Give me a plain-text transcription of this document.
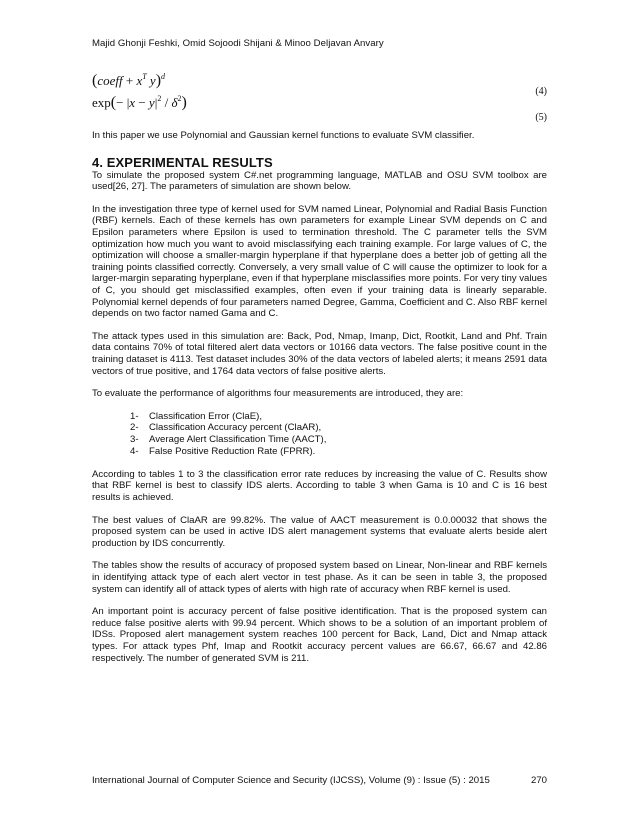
Majid Ghonji Feshki, Omid Sojoodi Shijani & Minoo Deljavan Anvary
(coeff + $x^T$ y)$^d$
(4)
$\exp(- |x - y|^2 / \delta^2)$
(5)

In this paper we use Polynomial and Gaussian kernel functions to evaluate SVM classifier.

4. EXPERIMENTAL RESULTS

To simulate the proposed system C#.net programming language, MATLAB and OSU SVM toolbox are used[26, 27]. The parameters of simulation are shown below.

In the investigation three type of kernel used for SVM named Linear, Polynomial and Radial Basis Function (RBF) kernels. Each of these kernels has own parameters for example Linear SVM depends on C and Epsilon parameters where Epsilon is used to termination threshold. The C parameter tells the SVM optimization how much you want to avoid misclassifying each training example. For large values of C, the optimization will choose a smaller-margin hyperplane if that hyperplane does a better job of getting all the training points classified correctly. Conversely, a very small value of C will cause the optimizer to look for a larger-margin separating hyperplane, even if that hyperplane misclassifies more points. For very tiny values of C, you should get misclassified examples, often even if your training data is linearly separable. Polynomial kernel depends of four parameters named Degree, Gamma, Coefficient and C. Also RBF kernel depends on two factor named Gama and C.

The attack types used in this simulation are: Back, Pod, Nmap, Imanp, Dict, Rootkit, Land and Phf. Train data contains 70% of total filtered alert data vectors or 10166 data vectors. The false positive count in the training dataset is 4113. Test dataset includes 30% of the data vectors of labeled alerts; it means 2591 data vectors of true positive, and 1764 data vectors of false positive alerts.

To evaluate the performance of algorithms four measurements are introduced, they are:

1-	Classification Error (ClaE),
2-	Classification Accuracy percent (ClaAR),
3-	Average Alert Classification Time (AACT),
4-	False Positive Reduction Rate (FPRR).

According to tables 1 to 3 the classification error rate reduces by increasing the value of C. Results show that RBF kernel is best to classify IDS alerts. According to table 3 when Gama is 10 and C is 16 best results is achieved.

The best values of ClaAR are 99.82%. The value of AACT measurement is 0.0.00032 that shows the proposed system can be used in active IDS alert management systems that evaluate alerts beside alert production by IDS concurrently.

The tables show the results of accuracy of proposed system based on Linear, Non-linear and RBF kernels in identifying attack type of each alert vector in test phase. As it can be seen in table 3, the proposed system can identify all of attack types of alerts with high rate of accuracy when RBF kernel is used.

An important point is accuracy percent of false positive identification. That is the proposed system can reduce false positive alerts with 99.94 percent. Which shows to be a solution of an important problem of IDSs. Proposed alert management system reaches 100 percent for Back, Land, Dict and Nmap attack types. For attack types Phf, Imap and Rootkit accuracy percent values are 66.67, 66.67 and 42.86 respectively. The number of generated SVM is 211.

International Journal of Computer Science and Security (IJCSS), Volume (9) : Issue (5) : 2015	270
